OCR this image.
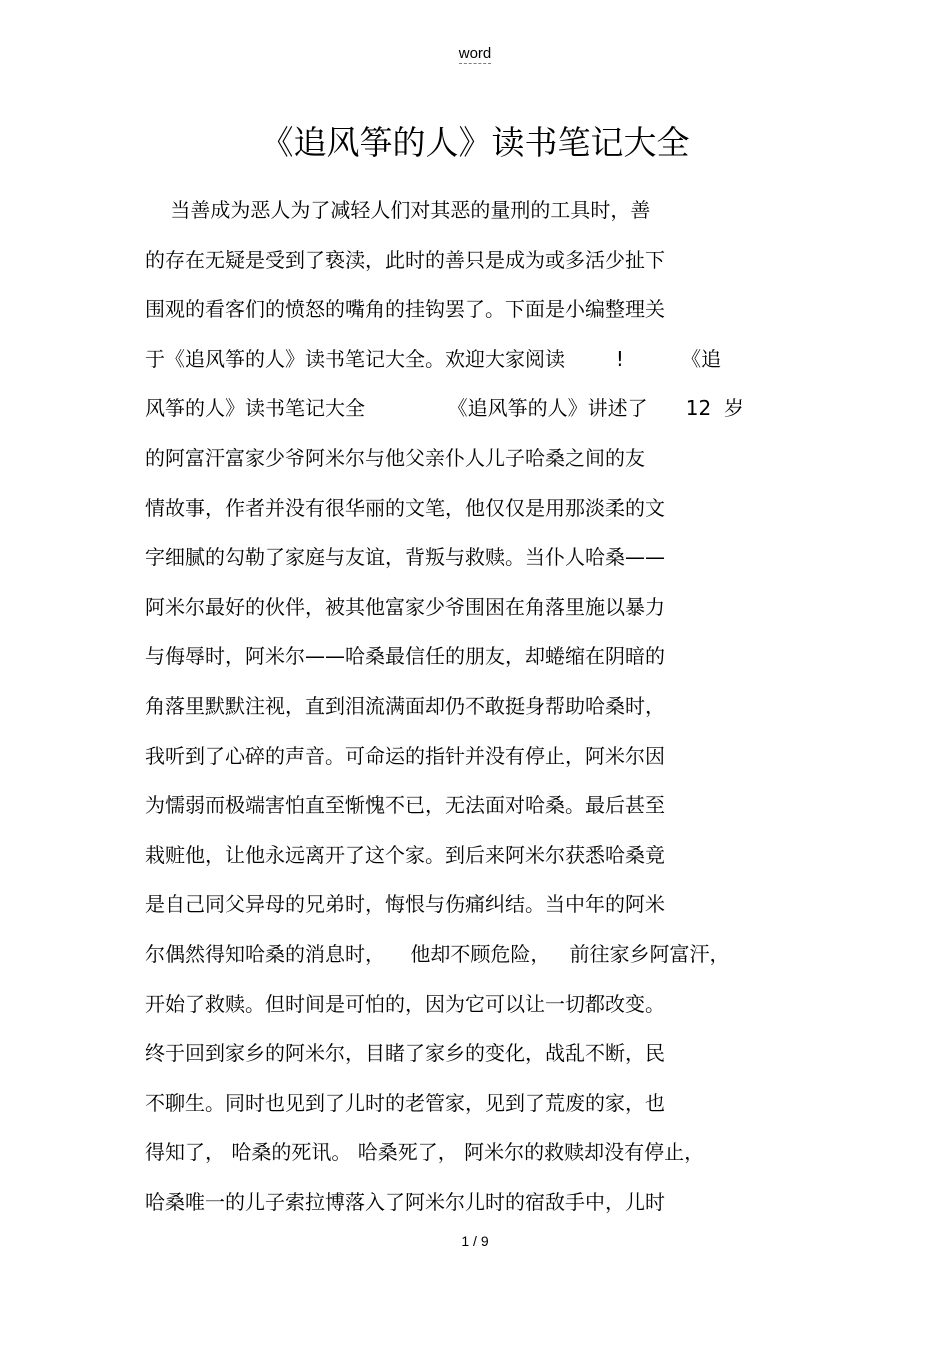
word
《追风筝的人》读书笔记大全
当善成为恶人为了减轻人们对其恶的量刑的工具时，善
的存在无疑是受到了亵渎，此时的善只是成为或多活少扯下
围观的看客们的愤怒的嘴角的挂钩罢了。下面是小编整理关
于《追风筝的人》读书笔记大全。欢迎大家阅读        !         《追
风筝的人》读书笔记大全             《追风筝的人》讲述了      12  岁
的阿富汗富家少爷阿米尔与他父亲仆人儿子哈桑之间的友
情故事，作者并没有很华丽的文笔，他仅仅是用那淡柔的文
字细腻的勾勒了家庭与友谊，背叛与救赎。当仆人哈桑——
阿米尔最好的伙伴，被其他富家少爷围困在角落里施以暴力
与侮辱时，阿米尔——哈桑最信任的朋友，却蜷缩在阴暗的
角落里默默注视，直到泪流满面却仍不敢挺身帮助哈桑时，
我听到了心碎的声音。可命运的指针并没有停止，阿米尔因
为懦弱而极端害怕直至惭愧不已，无法面对哈桑。最后甚至
栽赃他，让他永远离开了这个家。到后来阿米尔获悉哈桑竟
是自己同父异母的兄弟时，悔恨与伤痛纠结。当中年的阿米
尔偶然得知哈桑的消息时，    他却不顾危险，   前往家乡阿富汗，
开始了救赎。但时间是可怕的，因为它可以让一切都改变。
终于回到家乡的阿米尔，目睹了家乡的变化，战乱不断，民
不聊生。同时也见到了儿时的老管家，见到了荒废的家，也
得知了， 哈桑的死讯。 哈桑死了， 阿米尔的救赎却没有停止，
哈桑唯一的儿子索拉博落入了阿米尔儿时的宿敌手中，儿时
1 / 9
